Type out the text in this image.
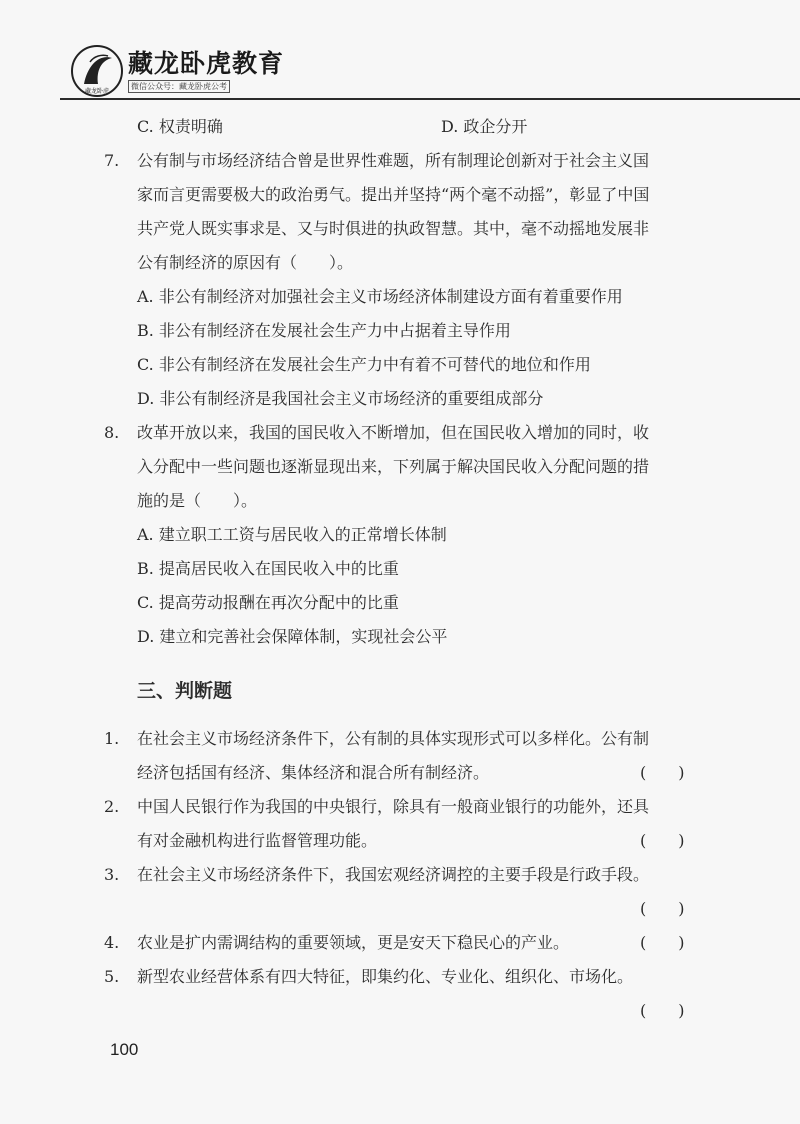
藏龙卧虎
藏龙卧虎教育
微信公众号：藏龙卧虎公考
C. 权责明确	D. 政企分开
7. 公有制与市场经济结合曾是世界性难题，所有制理论创新对于社会主义国
家而言更需要极大的政治勇气。提出并坚持“两个毫不动摇”，彰显了中国
共产党人既实事求是、又与时俱进的执政智慧。其中，毫不动摇地发展非
公有制经济的原因有（　　）。
A. 非公有制经济对加强社会主义市场经济体制建设方面有着重要作用
B. 非公有制经济在发展社会生产力中占据着主导作用
C. 非公有制经济在发展社会生产力中有着不可替代的地位和作用
D. 非公有制经济是我国社会主义市场经济的重要组成部分
8. 改革开放以来，我国的国民收入不断增加，但在国民收入增加的同时，收
入分配中一些问题也逐渐显现出来，下列属于解决国民收入分配问题的措
施的是（　　）。
A. 建立职工工资与居民收入的正常增长体制
B. 提高居民收入在国民收入中的比重
C. 提高劳动报酬在再次分配中的比重
D. 建立和完善社会保障体制，实现社会公平
三、判断题
1. 在社会主义市场经济条件下，公有制的具体实现形式可以多样化。公有制
经济包括国有经济、集体经济和混合所有制经济。	(　　)
2. 中国人民银行作为我国的中央银行，除具有一般商业银行的功能外，还具
有对金融机构进行监督管理功能。	(　　)
3. 在社会主义市场经济条件下，我国宏观经济调控的主要手段是行政手段。
(　　)
4. 农业是扩内需调结构的重要领域，更是安天下稳民心的产业。	(　　)
5. 新型农业经营体系有四大特征，即集约化、专业化、组织化、市场化。
(　　)
100
